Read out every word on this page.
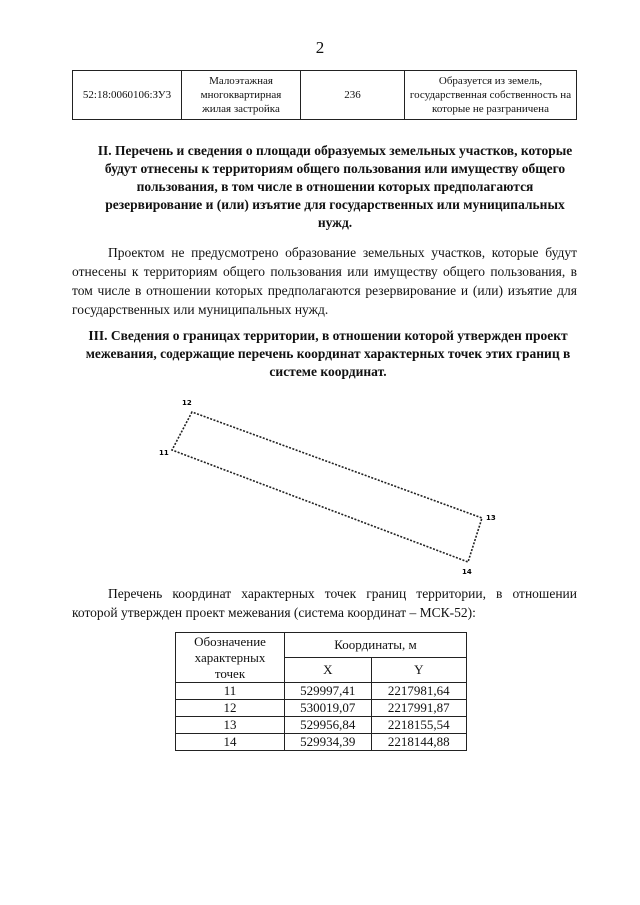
2
52:18:0060106:ЗУ3	Малоэтажная многоквартирная жилая застройка	236	Образуется из земель, государственная собственность на которые не разграничена
II. Перечень и сведения о площади образуемых земельных участков, которые будут отнесены к территориям общего пользования или имуществу общего пользования, в том числе в отношении которых предполагаются резервирование и (или) изъятие для государственных или муниципальных нужд.
Проектом не предусмотрено образование земельных участков, которые будут отнесены к территориям общего пользования или имуществу общего пользования, в том числе в отношении которых предполагаются резервирование и (или) изъятие для государственных или муниципальных нужд.
III. Сведения о границах территории, в отношении которой утвержден проект межевания, содержащие перечень координат характерных точек этих границ в системе координат.
12
11
13
14
Перечень координат характерных точек границ территории, в отношении которой утвержден проект межевания (система координат – МСК-52):
Обозначение характерных точек	Координаты, м	
	X	Y
11	529997,41	2217981,64
12	530019,07	2217991,87
13	529956,84	2218155,54
14	529934,39	2218144,88
